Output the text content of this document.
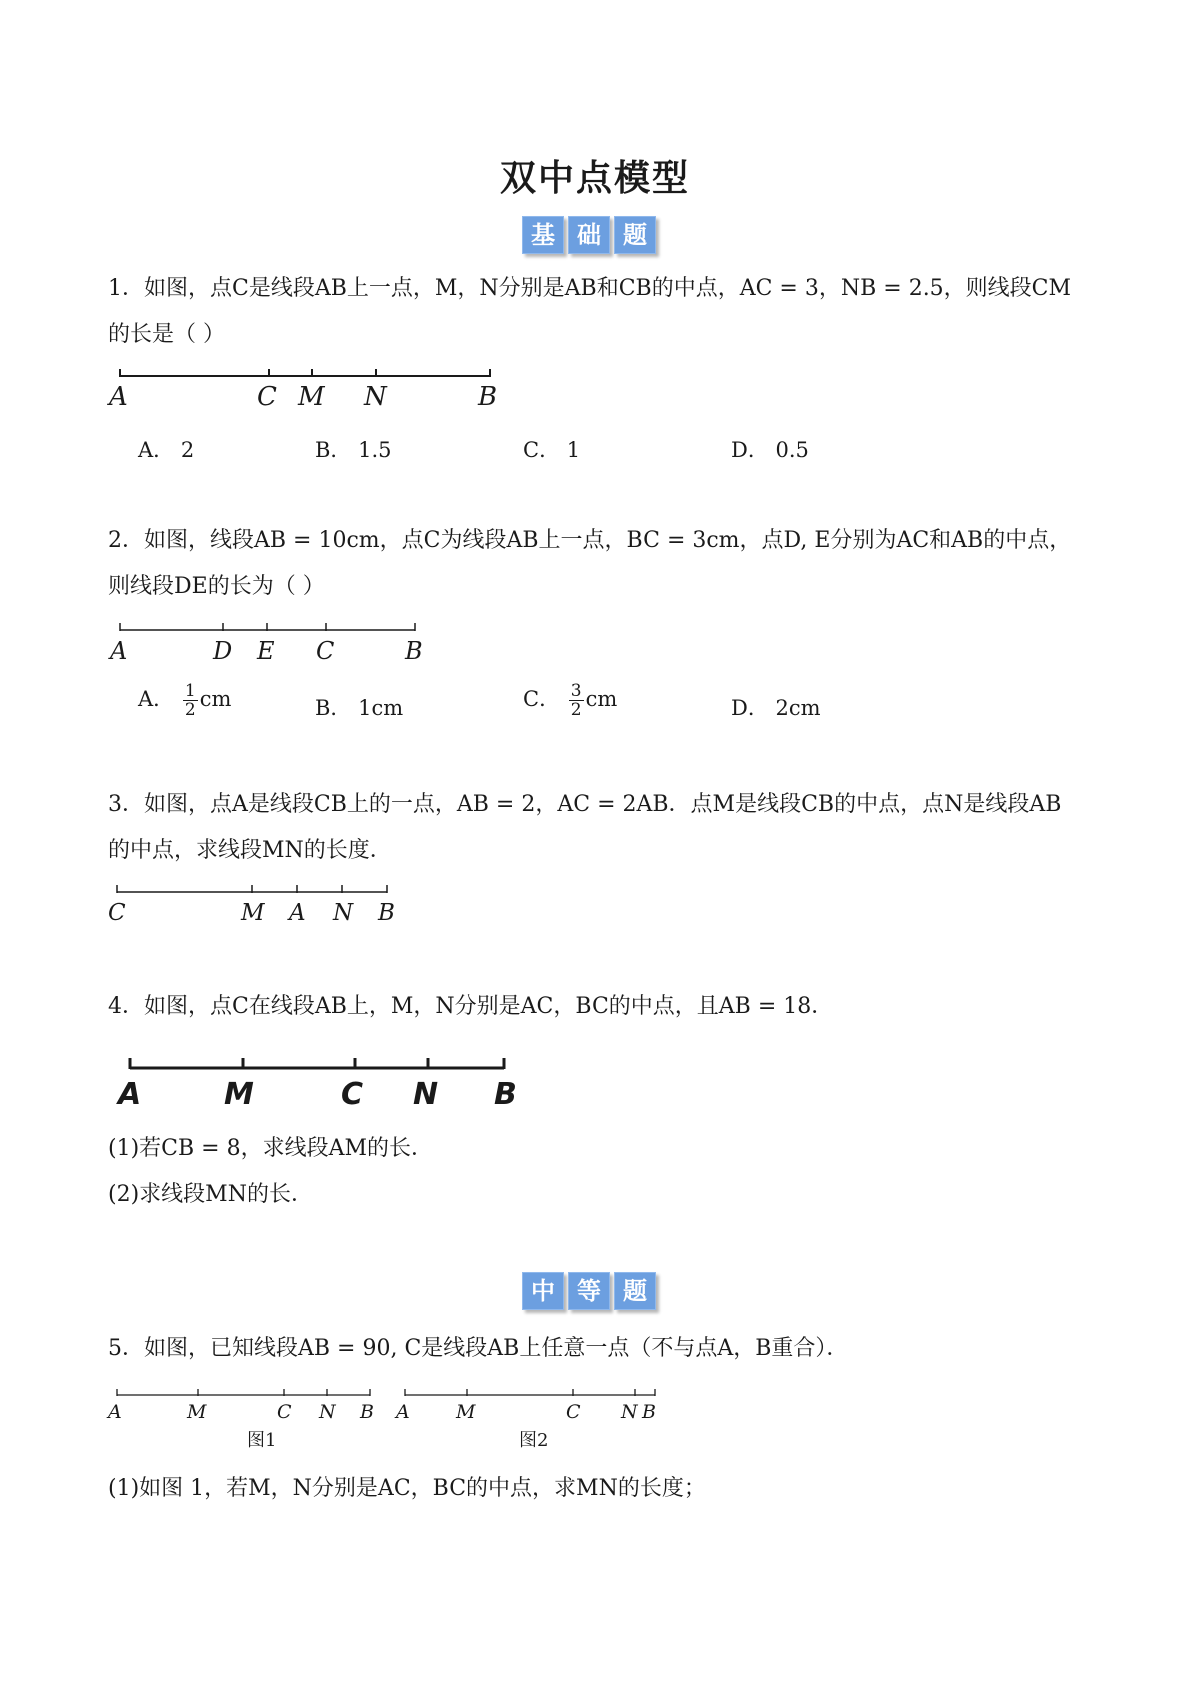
双中点模型
基 础 题
1．如图，点C是线段AB上一点，M，N分别是AB和CB的中点，AC = 3，NB = 2.5，则线段CM
的长是（ ）
A	C M N	B
A． 2	B． 1.5	C． 1	D． 0.5
2．如图，线段AB = 10cm，点C为线段AB上一点，BC = 3cm，点D, E分别为AC和AB的中点，
则线段DE的长为（ ）
A	D E C	B
A． $\frac{1}{2}$ cm	B． 1cm	C． $\frac{3}{2}$ cm	D． 2cm
3．如图，点A是线段CB上的一点，AB = 2，AC = 2AB．点M是线段CB的中点，点N是线段AB
的中点，求线段MN的长度．
C	M A N B
4．如图，点C在线段AB上，M，N分别是AC，BC的中点，且AB = 18．
A	M	C N B
(1)若CB = 8，求线段AM的长．
(2)求线段MN的长．
中 等 题
5．如图，已知线段AB = 90, C是线段AB上任意一点（不与点A，B重合）．
A	M	C N B A M	C N B
图1	图2
(1)如图 1，若M，N分别是AC，BC的中点，求MN的长度；
